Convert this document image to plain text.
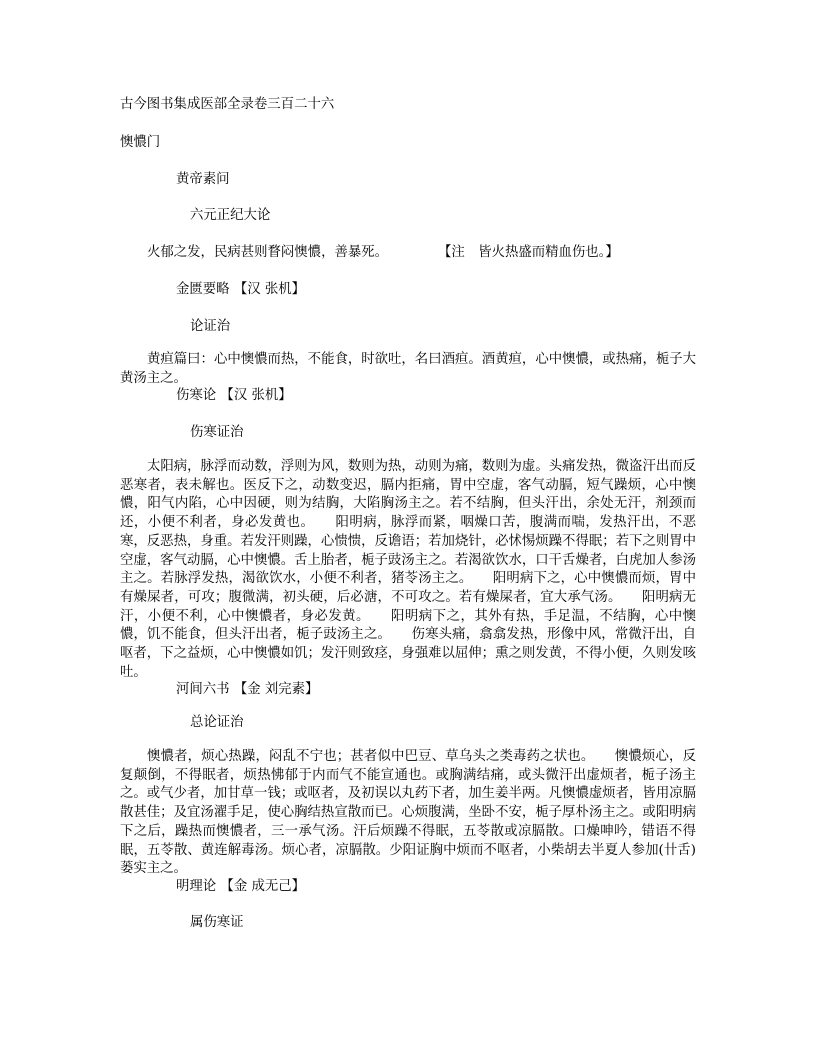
古今图书集成医部全录卷三百二十六
懊憹门
黄帝素问
六元正纪大论
火郁之发，民病甚则瞀闷懊憹，善暴死。	【注　皆火热盛而精血伤也。】
金匮要略 【汉 张机】
论证治
黄疸篇曰：心中懊憹而热，不能食，时欲吐，名曰酒疸。酒黄疸，心中懊憹，或热痛，栀子大黄汤主之。
伤寒论 【汉 张机】
伤寒证治
太阳病，脉浮而动数，浮则为风，数则为热，动则为痛，数则为虚。头痛发热，微盗汗出而反恶寒者，表未解也。医反下之，动数变迟，膈内拒痛，胃中空虚，客气动膈，短气躁烦，心中懊憹，阳气内陷，心中因硬，则为结胸，大陷胸汤主之。若不结胸，但头汗出，余处无汗，剂颈而还，小便不利者，身必发黄也。　　阳明病，脉浮而紧，咽燥口苦，腹满而喘，发热汗出，不恶寒，反恶热，身重。若发汗则躁，心愦愦，反谵语；若加烧针，必怵惕烦躁不得眠；若下之则胃中空虚，客气动膈，心中懊憹。舌上胎者，栀子豉汤主之。若渴欲饮水，口干舌燥者，白虎加人参汤主之。若脉浮发热，渴欲饮水，小便不利者，猪苓汤主之。　　阳明病下之，心中懊憹而烦，胃中有燥屎者，可攻；腹微满，初头硬，后必溏，不可攻之。若有燥屎者，宜大承气汤。　　阳明病无汗，小便不利，心中懊憹者，身必发黄。　　阳明病下之，其外有热，手足温，不结胸，心中懊憹，饥不能食，但头汗出者，栀子豉汤主之。　　伤寒头痛，翕翕发热，形像中风，常微汗出，自呕者，下之益烦，心中懊憹如饥；发汗则致痉，身强难以屈伸；熏之则发黄，不得小便，久则发咳吐。
河间六书 【金 刘完素】
总论证治
懊憹者，烦心热躁，闷乱不宁也；甚者似中巴豆、草乌头之类毒药之状也。　　懊憹烦心，反复颠倒，不得眠者，烦热怫郁于内而气不能宣通也。或胸满结痛，或头微汗出虚烦者，栀子汤主之。或气少者，加甘草一钱；或呕者，及初误以丸药下者，加生姜半两。凡懊憹虚烦者，皆用凉膈散甚佳；及宜汤濯手足，使心胸结热宣散而已。心烦腹满，坐卧不安，栀子厚朴汤主之。或阳明病下之后，躁热而懊憹者，三一承气汤。汗后烦躁不得眠，五苓散或凉膈散。口燥呻吟，错语不得眠，五苓散、黄连解毒汤。烦心者，凉膈散。少阳证胸中烦而不呕者，小柴胡去半夏人参加(卄舌)蒌实主之。
明理论 【金 成无己】
属伤寒证
